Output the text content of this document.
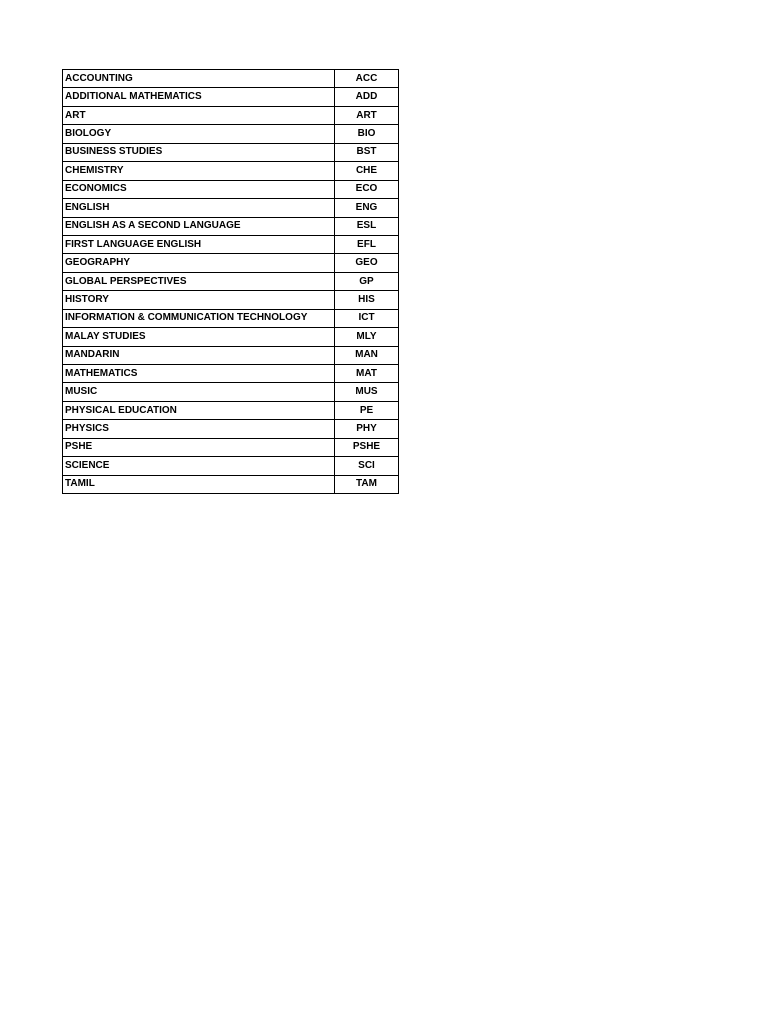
ACCOUNTING	ACC
ADDITIONAL MATHEMATICS	ADD
ART	ART
BIOLOGY	BIO
BUSINESS STUDIES	BST
CHEMISTRY	CHE
ECONOMICS	ECO
ENGLISH	ENG
ENGLISH AS A SECOND LANGUAGE	ESL
FIRST LANGUAGE ENGLISH	EFL
GEOGRAPHY	GEO
GLOBAL PERSPECTIVES	GP
HISTORY	HIS
INFORMATION & COMMUNICATION TECHNOLOGY	ICT
MALAY STUDIES	MLY
MANDARIN	MAN
MATHEMATICS	MAT
MUSIC	MUS
PHYSICAL EDUCATION	PE
PHYSICS	PHY
PSHE	PSHE
SCIENCE	SCI
TAMIL	TAM
